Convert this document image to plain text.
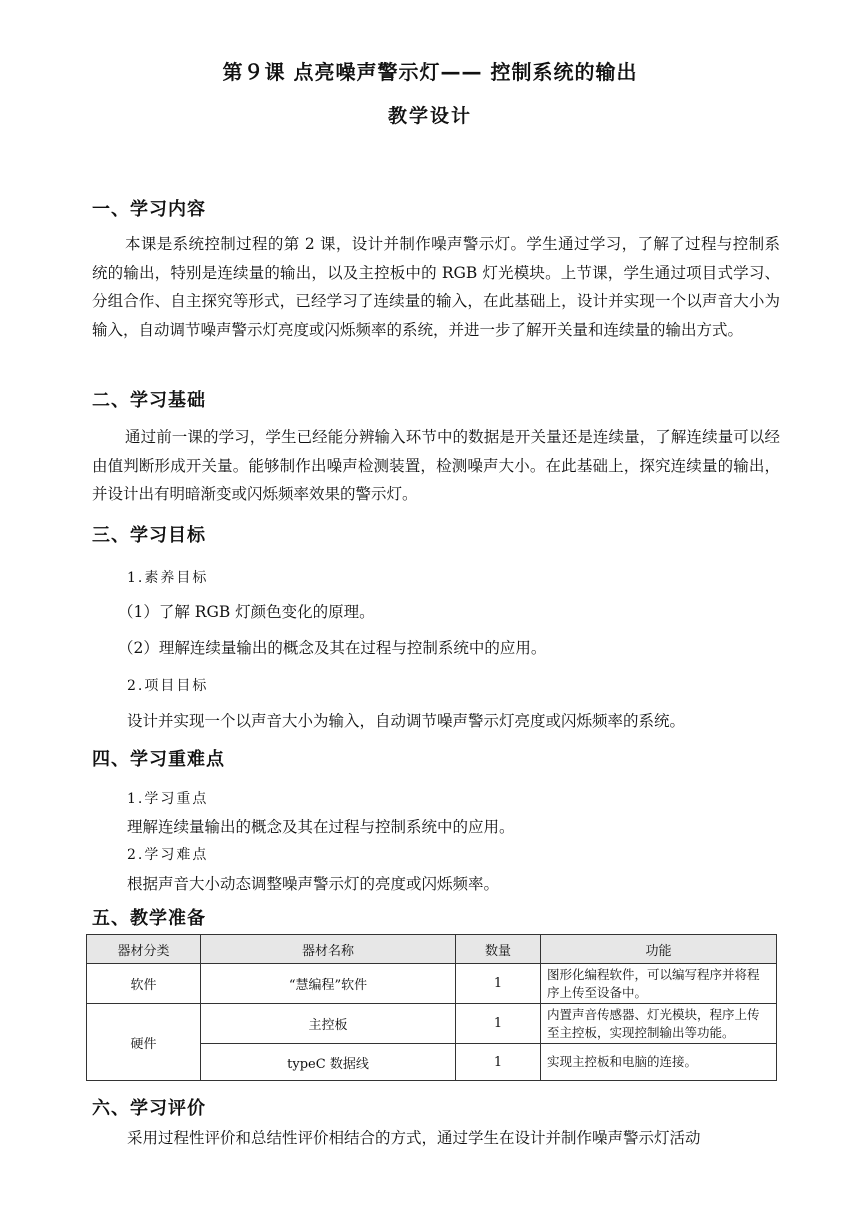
第９课 点亮噪声警示灯—— 控制系统的输出
教学设计
一、学习内容

本课是系统控制过程的第 2 课，设计并制作噪声警示灯。学生通过学习，了解了过程与控制系统的输出，特别是连续量的输出，以及主控板中的 RGB 灯光模块。上节课，学生通过项目式学习、分组合作、自主探究等形式，已经学习了连续量的输入，在此基础上，设计并实现一个以声音大小为输入，自动调节噪声警示灯亮度或闪烁频率的系统，并进一步了解开关量和连续量的输出方式。

二、学习基础

通过前一课的学习，学生已经能分辨输入环节中的数据是开关量还是连续量，了解连续量可以经由值判断形成开关量。能够制作出噪声检测装置，检测噪声大小。在此基础上，探究连续量的输出，并设计出有明暗渐变或闪烁频率效果的警示灯。

三、学习目标
1.素养目标
（1）了解 RGB 灯颜色变化的原理。
（2）理解连续量输出的概念及其在过程与控制系统中的应用。
2.项目目标
设计并实现一个以声音大小为输入，自动调节噪声警示灯亮度或闪烁频率的系统。
四、学习重难点
1.学习重点
理解连续量输出的概念及其在过程与控制系统中的应用。
2.学习难点
根据声音大小动态调整噪声警示灯的亮度或闪烁频率。
五、教学准备
器材分类	器材名称	数量	功能
软件	“慧编程”软件	1	图形化编程软件，可以编写程序并将程序上传至设备中。
硬件	主控板	1	内置声音传感器、灯光模块，程序上传至主控板，实现控制输出等功能。
	typeC 数据线	1	实现主控板和电脑的连接。
六、学习评价
采用过程性评价和总结性评价相结合的方式，通过学生在设计并制作噪声警示灯活动
